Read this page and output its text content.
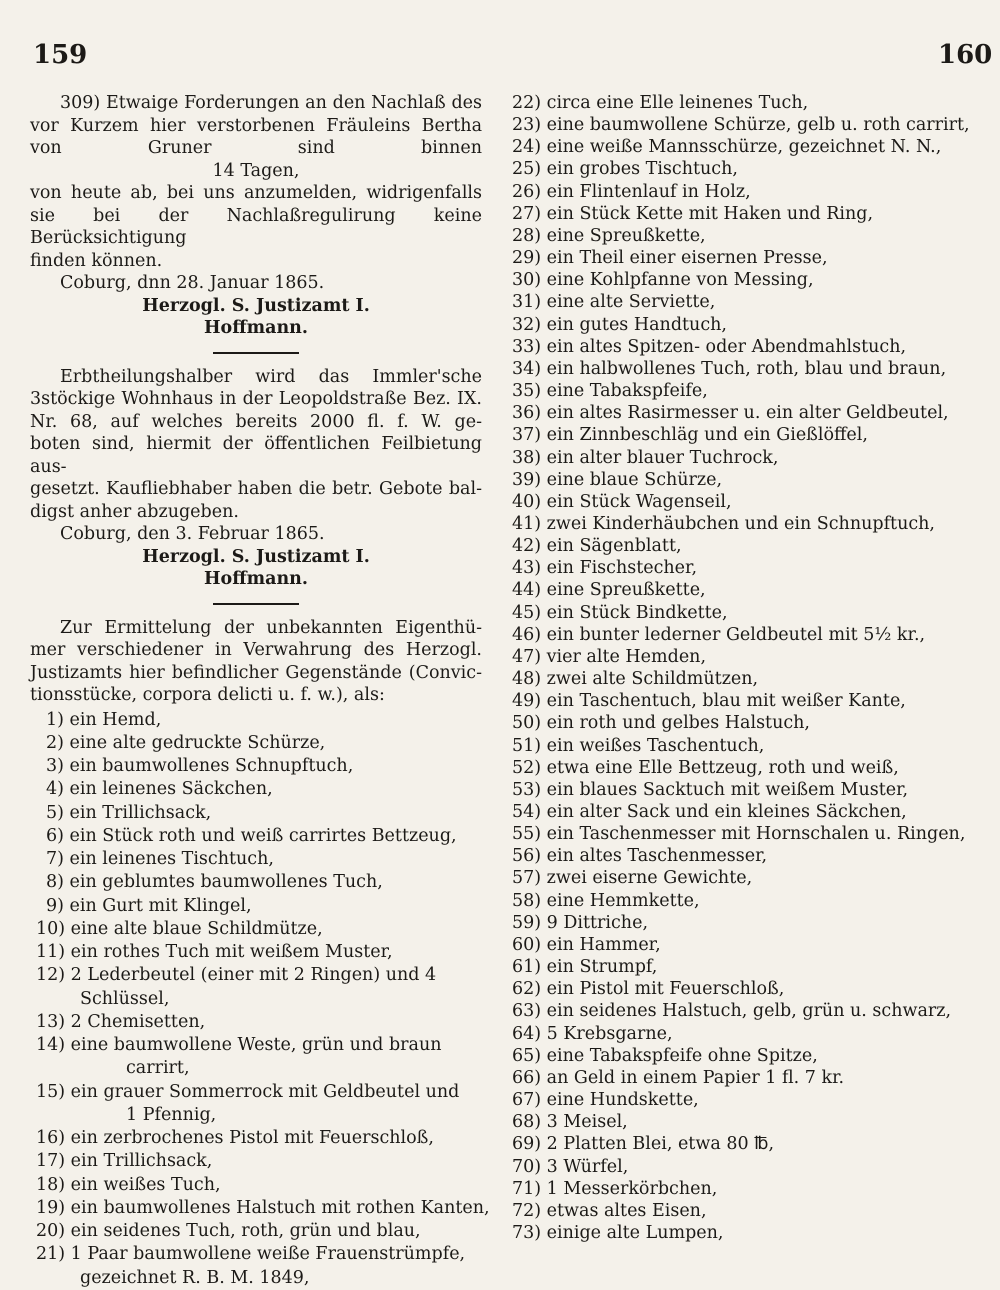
159	160

309) Etwaige Forderungen an den Nachlaß des

vor Kurzem hier verstorbenen Fräuleins Bertha

von Gruner sind binnen

14 Tagen,

von heute ab, bei uns anzumelden, widrigenfalls

sie bei der Nachlaßregulirung keine Berücksichtigung

finden können.

Coburg, dnn 28. Januar 1865.
Herzogl. S. Justizamt I.
Hoffmann.

Erbtheilungshalber wird das Immler'sche

3stöckige Wohnhaus in der Leopoldstraße Bez. IX.

Nr. 68, auf welches bereits 2000 fl. f. W. ge-

boten sind, hiermit der öffentlichen Feilbietung aus-

gesetzt. Kaufliebhaber haben die betr. Gebote bal-

digst anher abzugeben.

Coburg, den 3. Februar 1865.
Herzogl. S. Justizamt I.
Hoffmann.

Zur Ermittelung der unbekannten Eigenthü-

mer verschiedener in Verwahrung des Herzogl.

Justizamts hier befindlicher Gegenstände (Convic-

tionsstücke, corpora delicti u. f. w.), als:

1) ein Hemd,
2) eine alte gedruckte Schürze,
3) ein baumwollenes Schnupftuch,
4) ein leinenes Säckchen,
5) ein Trillichsack,
6) ein Stück roth und weiß carrirtes Bettzeug,
7) ein leinenes Tischtuch,
8) ein geblumtes baumwollenes Tuch,
9) ein Gurt mit Klingel,
10) eine alte blaue Schildmütze,
11) ein rothes Tuch mit weißem Muster,
12) 2 Lederbeutel (einer mit 2 Ringen) und 4
Schlüssel,
13) 2 Chemisetten,
14) eine baumwollene Weste, grün und braun
carrirt,
15) ein grauer Sommerrock mit Geldbeutel und
1 Pfennig,
16) ein zerbrochenes Pistol mit Feuerschloß,
17) ein Trillichsack,
18) ein weißes Tuch,
19) ein baumwollenes Halstuch mit rothen Kanten,
20) ein seidenes Tuch, roth, grün und blau,
21) 1 Paar baumwollene weiße Frauenstrümpfe,
gezeichnet R. B. M. 1849,
22) circa eine Elle leinenes Tuch,
23) eine baumwollene Schürze, gelb u. roth carrirt,
24) eine weiße Mannsschürze, gezeichnet N. N.,
25) ein grobes Tischtuch,
26) ein Flintenlauf in Holz,
27) ein Stück Kette mit Haken und Ring,
28) eine Spreußkette,
29) ein Theil einer eisernen Presse,
30) eine Kohlpfanne von Messing,
31) eine alte Serviette,
32) ein gutes Handtuch,
33) ein altes Spitzen- oder Abendmahlstuch,
34) ein halbwollenes Tuch, roth, blau und braun,
35) eine Tabakspfeife,
36) ein altes Rasirmesser u. ein alter Geldbeutel,
37) ein Zinnbeschläg und ein Gießlöffel,
38) ein alter blauer Tuchrock,
39) eine blaue Schürze,
40) ein Stück Wagenseil,
41) zwei Kinderhäubchen und ein Schnupftuch,
42) ein Sägenblatt,
43) ein Fischstecher,
44) eine Spreußkette,
45) ein Stück Bindkette,
46) ein bunter lederner Geldbeutel mit 5½ kr.,
47) vier alte Hemden,
48) zwei alte Schildmützen,
49) ein Taschentuch, blau mit weißer Kante,
50) ein roth und gelbes Halstuch,
51) ein weißes Taschentuch,
52) etwa eine Elle Bettzeug, roth und weiß,
53) ein blaues Sacktuch mit weißem Muster,
54) ein alter Sack und ein kleines Säckchen,
55) ein Taschenmesser mit Hornschalen u. Ringen,
56) ein altes Taschenmesser,
57) zwei eiserne Gewichte,
58) eine Hemmkette,
59) 9 Dittriche,
60) ein Hammer,
61) ein Strumpf,
62) ein Pistol mit Feuerschloß,
63) ein seidenes Halstuch, gelb, grün u. schwarz,
64) 5 Krebsgarne,
65) eine Tabakspfeife ohne Spitze,
66) an Geld in einem Papier 1 fl. 7 kr.
67) eine Hundskette,
68) 3 Meisel,
69) 2 Platten Blei, etwa 80 ℔,
70) 3 Würfel,
71) 1 Messerkörbchen,
72) etwas altes Eisen,
73) einige alte Lumpen,
